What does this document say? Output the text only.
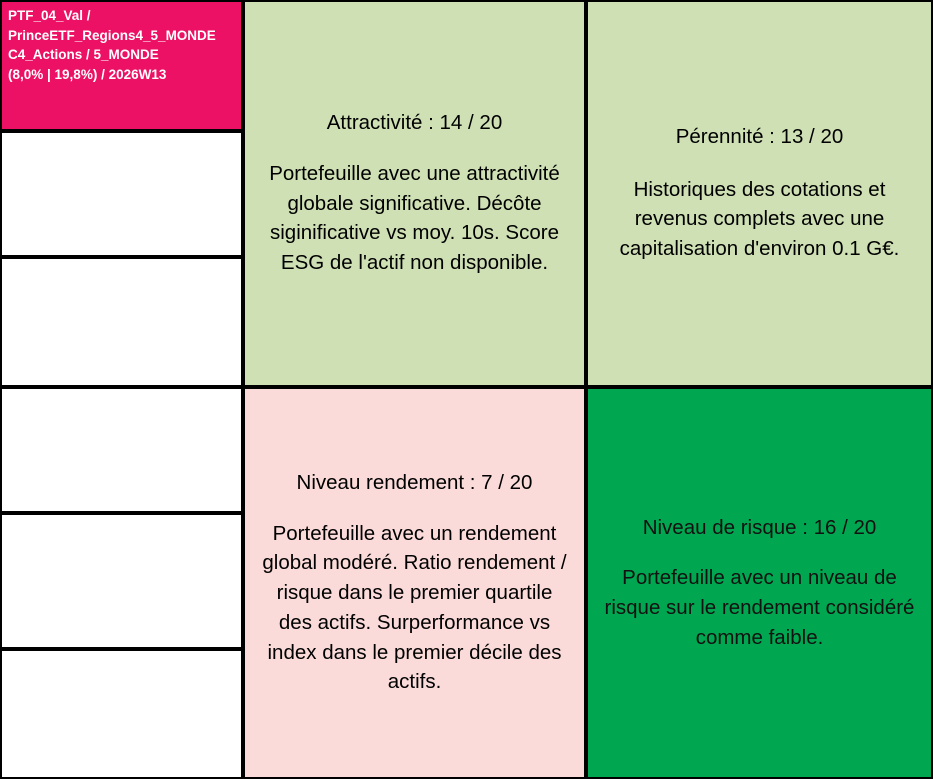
PTF_04_Val /
PrinceETF_Regions4_5_MONDE
C4_Actions / 5_MONDE
(8,0% | 19,8%) / 2026W13
Attractivité : 14 / 20
Portefeuille avec une attractivité globale significative. Décôte siginificative vs moy. 10s. Score ESG de l'actif non disponible.
Pérennité : 13 / 20
Historiques des cotations et revenus complets avec une capitalisation d'environ 0.1 G€.
Niveau rendement : 7 / 20
Portefeuille avec un rendement global modéré. Ratio rendement / risque dans le premier quartile des actifs. Surperformance vs index dans le premier décile des actifs.
Niveau de risque : 16 / 20
Portefeuille avec un niveau de risque sur le rendement considéré comme faible.
